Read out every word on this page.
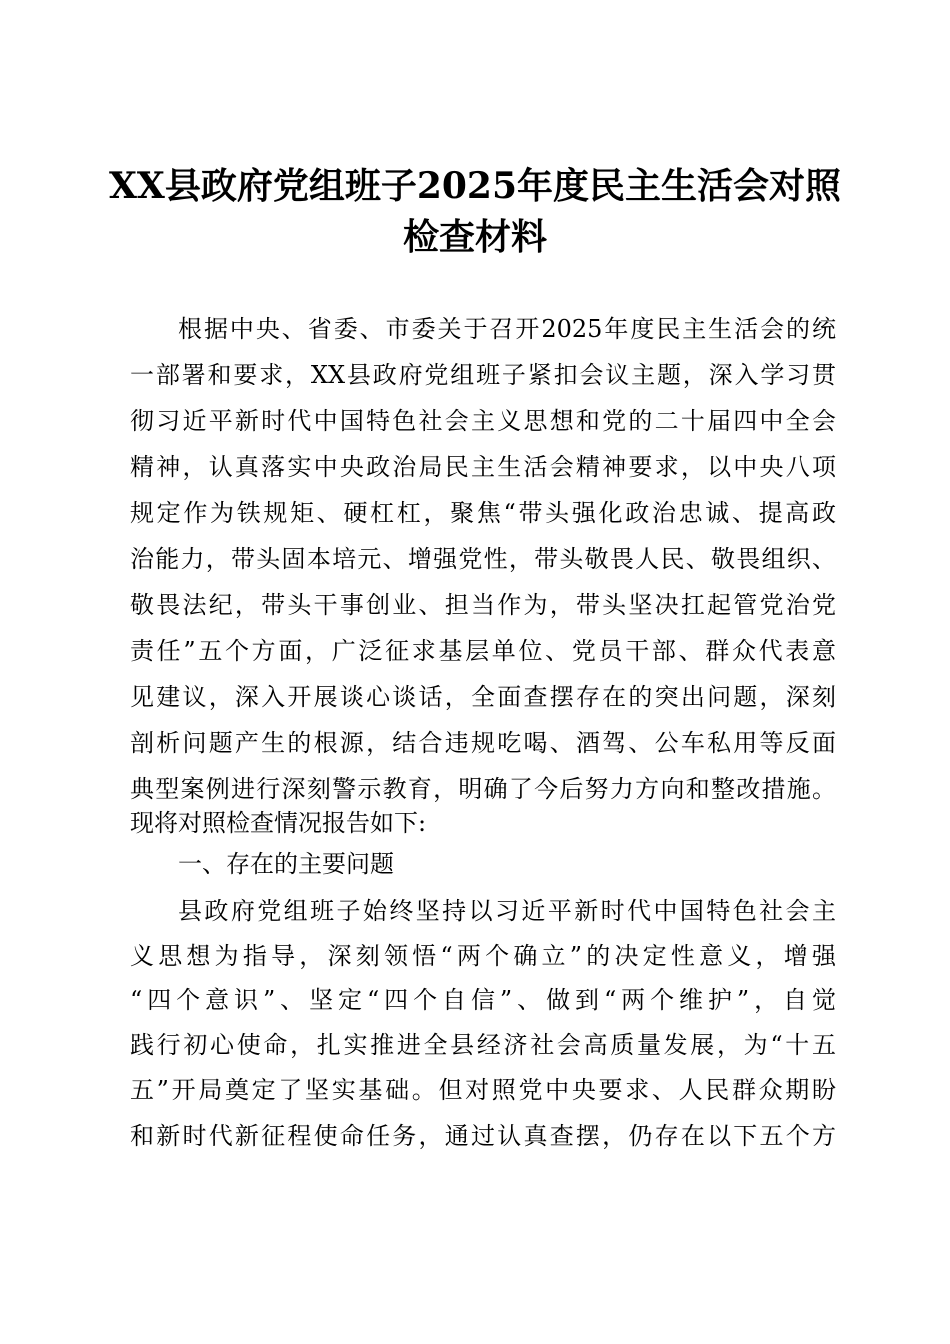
XX县政府党组班子2025年度民主生活会对照
检查材料
根据中央、省委、市委关于召开2025年度民主生活会的统
一部署和要求，XX县政府党组班子紧扣会议主题，深入学习贯
彻习近平新时代中国特色社会主义思想和党的二十届四中全会
精神，认真落实中央政治局民主生活会精神要求，以中央八项
规定作为铁规矩、硬杠杠，聚焦“带头强化政治忠诚、提高政
治能力，带头固本培元、增强党性，带头敬畏人民、敬畏组织、
敬畏法纪，带头干事创业、担当作为，带头坚决扛起管党治党
责任”五个方面，广泛征求基层单位、党员干部、群众代表意
见建议，深入开展谈心谈话，全面查摆存在的突出问题，深刻
剖析问题产生的根源，结合违规吃喝、酒驾、公车私用等反面
典型案例进行深刻警示教育，明确了今后努力方向和整改措施。
现将对照检查情况报告如下:
一、存在的主要问题
县政府党组班子始终坚持以习近平新时代中国特色社会主
义思想为指导，深刻领悟“两个确立”的决定性意义，增强
“四个意识”、坚定“四个自信”、做到“两个维护”，自觉
践行初心使命，扎实推进全县经济社会高质量发展，为“十五
五”开局奠定了坚实基础。但对照党中央要求、人民群众期盼
和新时代新征程使命任务，通过认真查摆，仍存在以下五个方
